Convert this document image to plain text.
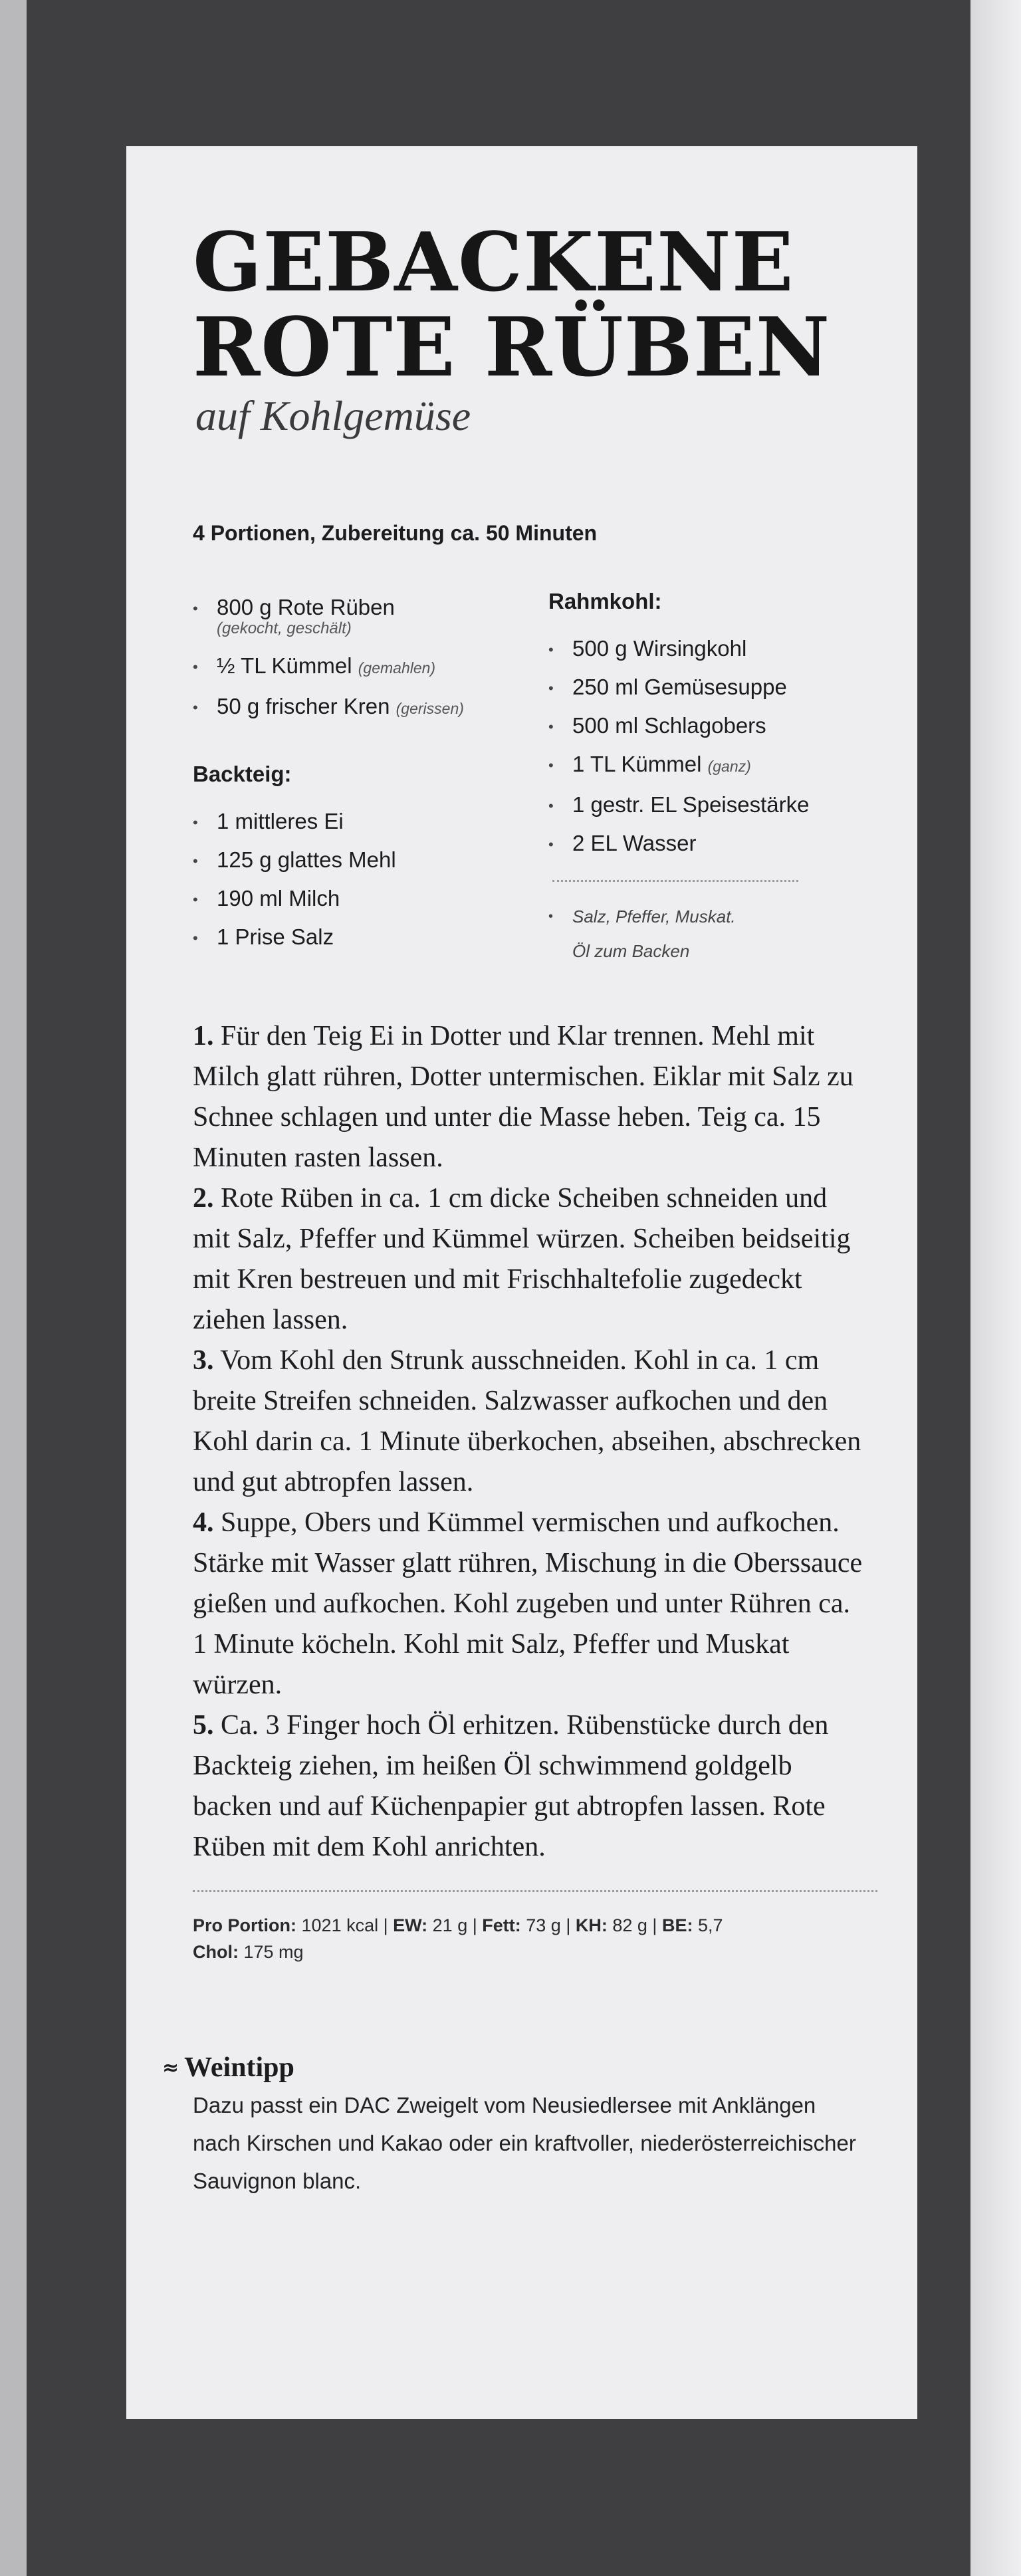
GEBACKENE
ROTE RÜBEN

auf Kohlgemüse

4 Portionen, Zubereitung ca. 50 Minuten

• 800 g Rote Rüben
(gekocht, geschält)
• ½ TL Kümmel (gemahlen)
• 50 g frischer Kren (gerissen)

Backteig:

• 1 mittleres Ei
• 125 g glattes Mehl
• 190 ml Milch
• 1 Prise Salz

Rahmkohl:

• 500 g Wirsingkohl
• 250 ml Gemüsesuppe
• 500 ml Schlagobers
• 1 TL Kümmel (ganz)
• 1 gestr. EL Speisestärke
• 2 EL Wasser
• Salz, Pfeffer, Muskat.
Öl zum Backen

1. Für den Teig Ei in Dotter und Klar trennen. Mehl mit Milch glatt rühren, Dotter untermischen. Eiklar mit Salz zu Schnee schlagen und unter die Masse heben. Teig ca. 15 Minuten rasten lassen.

2. Rote Rüben in ca. 1 cm dicke Scheiben schneiden und mit Salz, Pfeffer und Kümmel würzen. Scheiben beidseitig mit Kren bestreuen und mit Frischhaltefolie zugedeckt ziehen lassen.

3. Vom Kohl den Strunk ausschneiden. Kohl in ca. 1 cm breite Streifen schneiden. Salzwasser aufkochen und den Kohl darin ca. 1 Minute überkochen, abseihen, abschrecken und gut abtropfen lassen.

4. Suppe, Obers und Kümmel vermischen und aufkochen. Stärke mit Wasser glatt rühren, Mischung in die Oberssauce gießen und aufkochen. Kohl zugeben und unter Rühren ca. 1 Minute köcheln. Kohl mit Salz, Pfeffer und Muskat würzen.

5. Ca. 3 Finger hoch Öl erhitzen. Rübenstücke durch den Backteig ziehen, im heißen Öl schwimmend goldgelb backen und auf Küchenpapier gut abtropfen lassen. Rote Rüben mit dem Kohl anrichten.

Pro Portion: 1021 kcal | EW: 21 g | Fett: 73 g | KH: 82 g | BE: 5,7
Chol: 175 mg
≈ Weintipp

Dazu passt ein DAC Zweigelt vom Neusiedlersee mit Anklängen nach Kirschen und Kakao oder ein kraftvoller, niederösterreichischer Sauvignon blanc.
